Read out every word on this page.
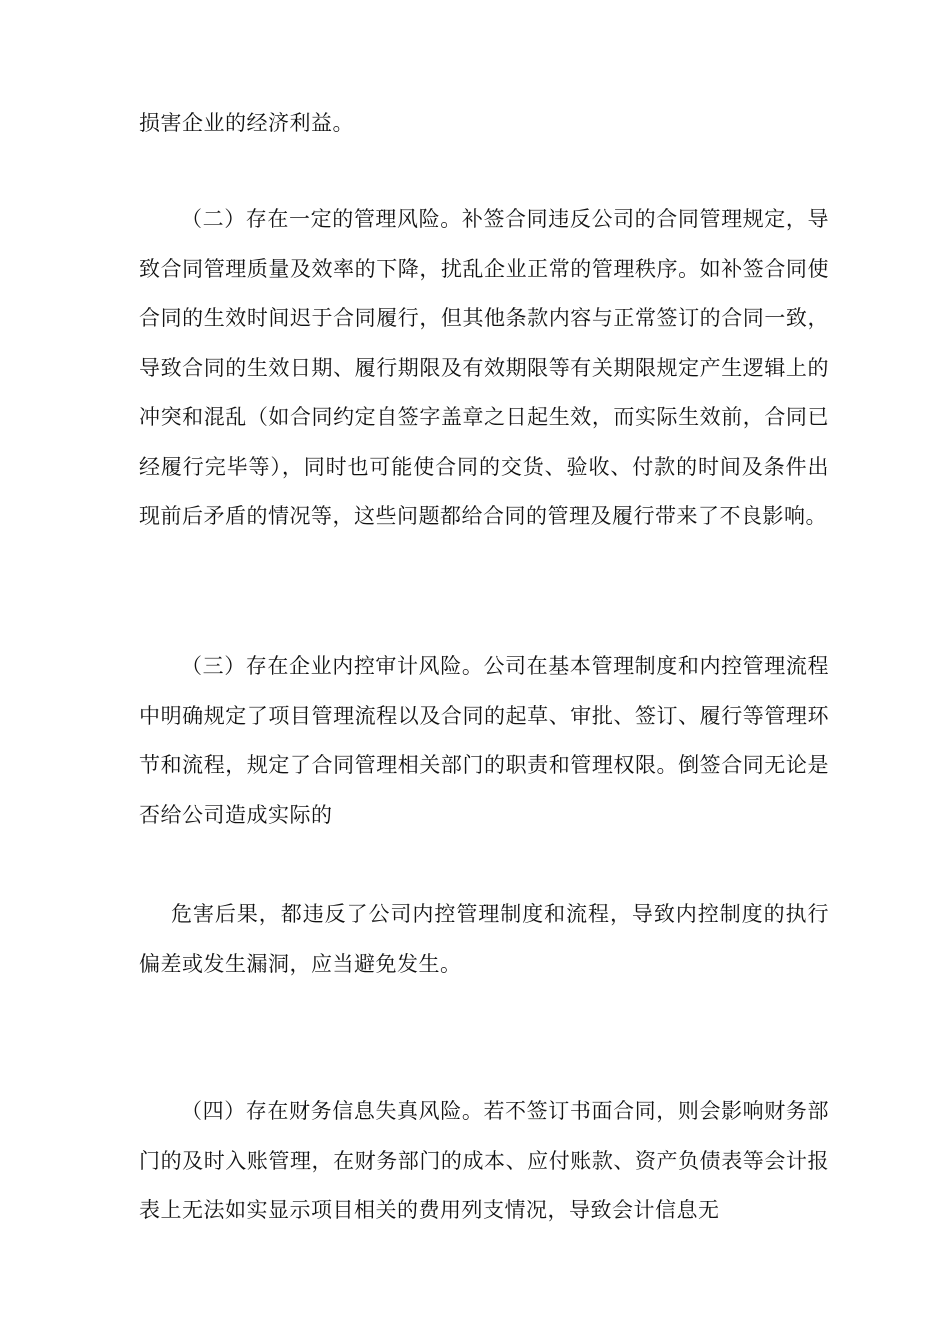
损害企业的经济利益。

（二）存在一定的管理风险。补签合同违反公司的合同管理规定，导致合同管理质量及效率的下降，扰乱企业正常的管理秩序。如补签合同使合同的生效时间迟于合同履行，但其他条款内容与正常签订的合同一致，导致合同的生效日期、履行期限及有效期限等有关期限规定产生逻辑上的冲突和混乱（如合同约定自签字盖章之日起生效，而实际生效前，合同已经履行完毕等），同时也可能使合同的交货、验收、付款的时间及条件出现前后矛盾的情况等，这些问题都给合同的管理及履行带来了不良影响。

（三）存在企业内控审计风险。公司在基本管理制度和内控管理流程中明确规定了项目管理流程以及合同的起草、审批、签订、履行等管理环节和流程，规定了合同管理相关部门的职责和管理权限。倒签合同无论是否给公司造成实际的

危害后果，都违反了公司内控管理制度和流程，导致内控制度的执行偏差或发生漏洞，应当避免发生。

（四）存在财务信息失真风险。若不签订书面合同，则会影响财务部门的及时入账管理，在财务部门的成本、应付账款、资产负债表等会计报表上无法如实显示项目相关的费用列支情况，导致会计信息无
